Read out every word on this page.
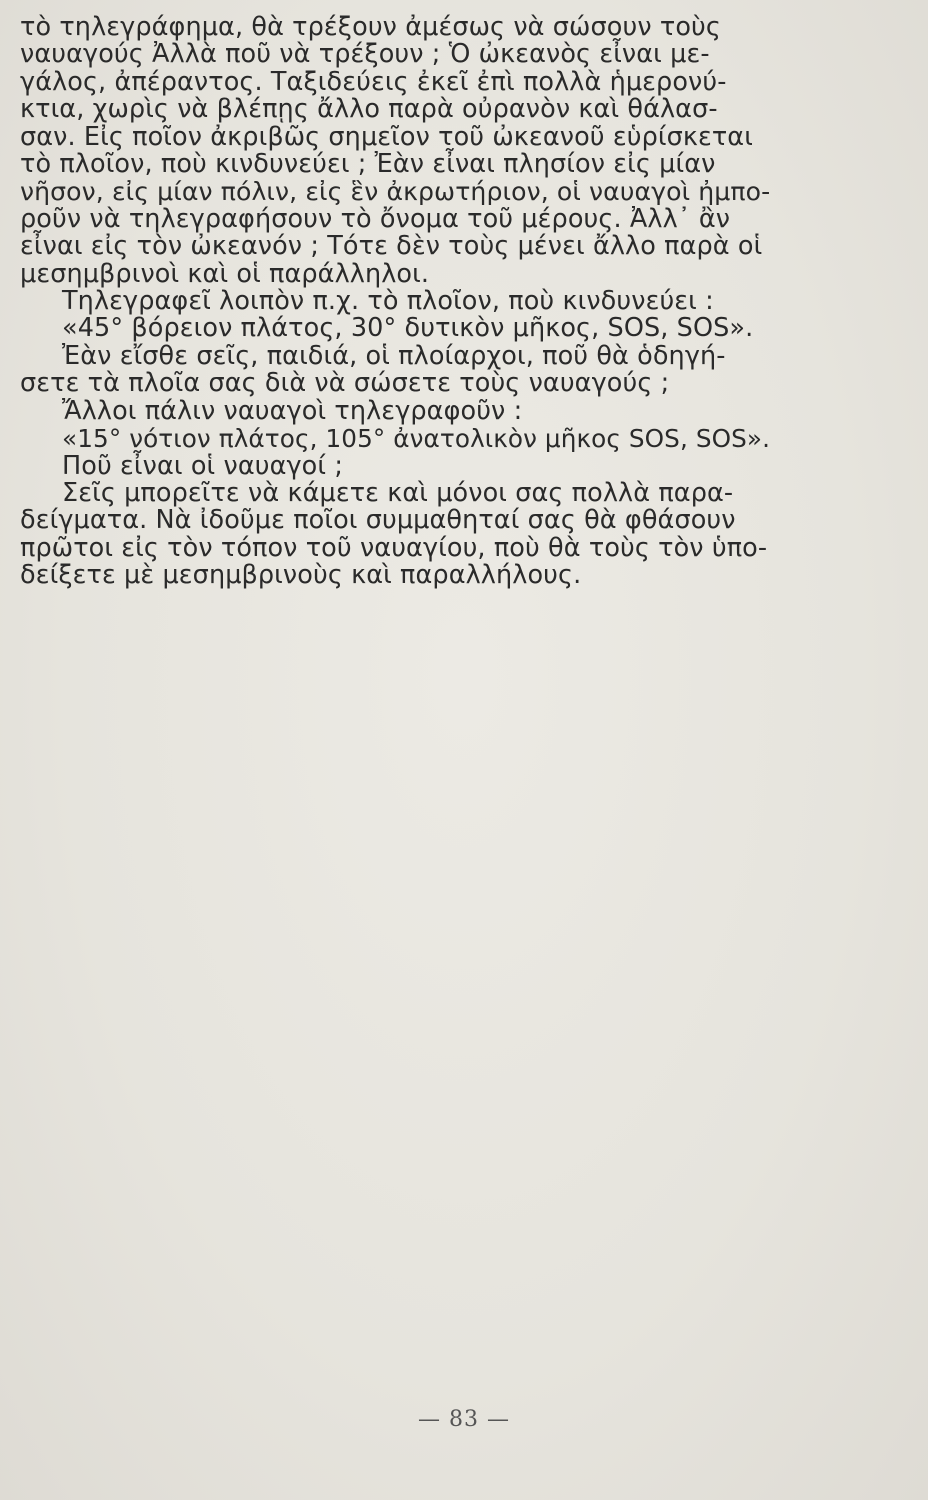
τὸ τηλεγράφημα, θὰ τρέξουν ἀμέσως νὰ σώσουν τοὺς
ναυαγούς Ἀλλὰ ποῦ νὰ τρέξουν ; Ὁ ὠκεανὸς εἶναι με-
γάλος, ἀπέραντος. Ταξιδεύεις ἐκεῖ ἐπὶ πολλὰ ἡμερονύ-
κτια, χωρὶς νὰ βλέπῃς ἄλλο παρὰ οὐρανὸν καὶ θάλασ-
σαν. Εἰς ποῖον ἀκριβῶς σημεῖον τοῦ ὠκεανοῦ εὑρίσκεται
τὸ πλοῖον, ποὺ κινδυνεύει ; Ἐὰν εἶναι πλησίον εἰς μίαν
νῆσον, εἰς μίαν πόλιν, εἰς ἓν ἀκρωτήριον, οἱ ναυαγοὶ ἠμπο-
ροῦν νὰ τηλεγραφήσουν τὸ ὄνομα τοῦ μέρους. Ἀλλ᾽ ἂν
εἶναι εἰς τὸν ὠκεανόν ; Τότε δὲν τοὺς μένει ἄλλο παρὰ οἱ
μεσημβρινοὶ καὶ οἱ παράλληλοι.
Τηλεγραφεῖ λοιπὸν π.χ. τὸ πλοῖον, ποὺ κινδυνεύει :
«45° βόρειον πλάτος, 30° δυτικὸν μῆκος, SOS, SOS».
Ἐὰν εἴσθε σεῖς, παιδιά, οἱ πλοίαρχοι, ποῦ θὰ ὁδηγή-
σετε τὰ πλοῖα σας διὰ νὰ σώσετε τοὺς ναυαγούς ;
Ἄλλοι πάλιν ναυαγοὶ τηλεγραφοῦν :
«15° νότιον πλάτος, 105° ἀνατολικὸν μῆκος SOS, SOS».
Ποῦ εἶναι οἱ ναυαγοί ;
Σεῖς μπορεῖτε νὰ κάμετε καὶ μόνοι σας πολλὰ παρα-
δείγματα. Νὰ ἰδοῦμε ποῖοι συμμαθηταί σας θὰ φθάσουν
πρῶτοι εἰς τὸν τόπον τοῦ ναυαγίου, ποὺ θὰ τοὺς τὸν ὑπο-
δείξετε μὲ μεσημβρινοὺς καὶ παραλλήλους.
— 83 —
